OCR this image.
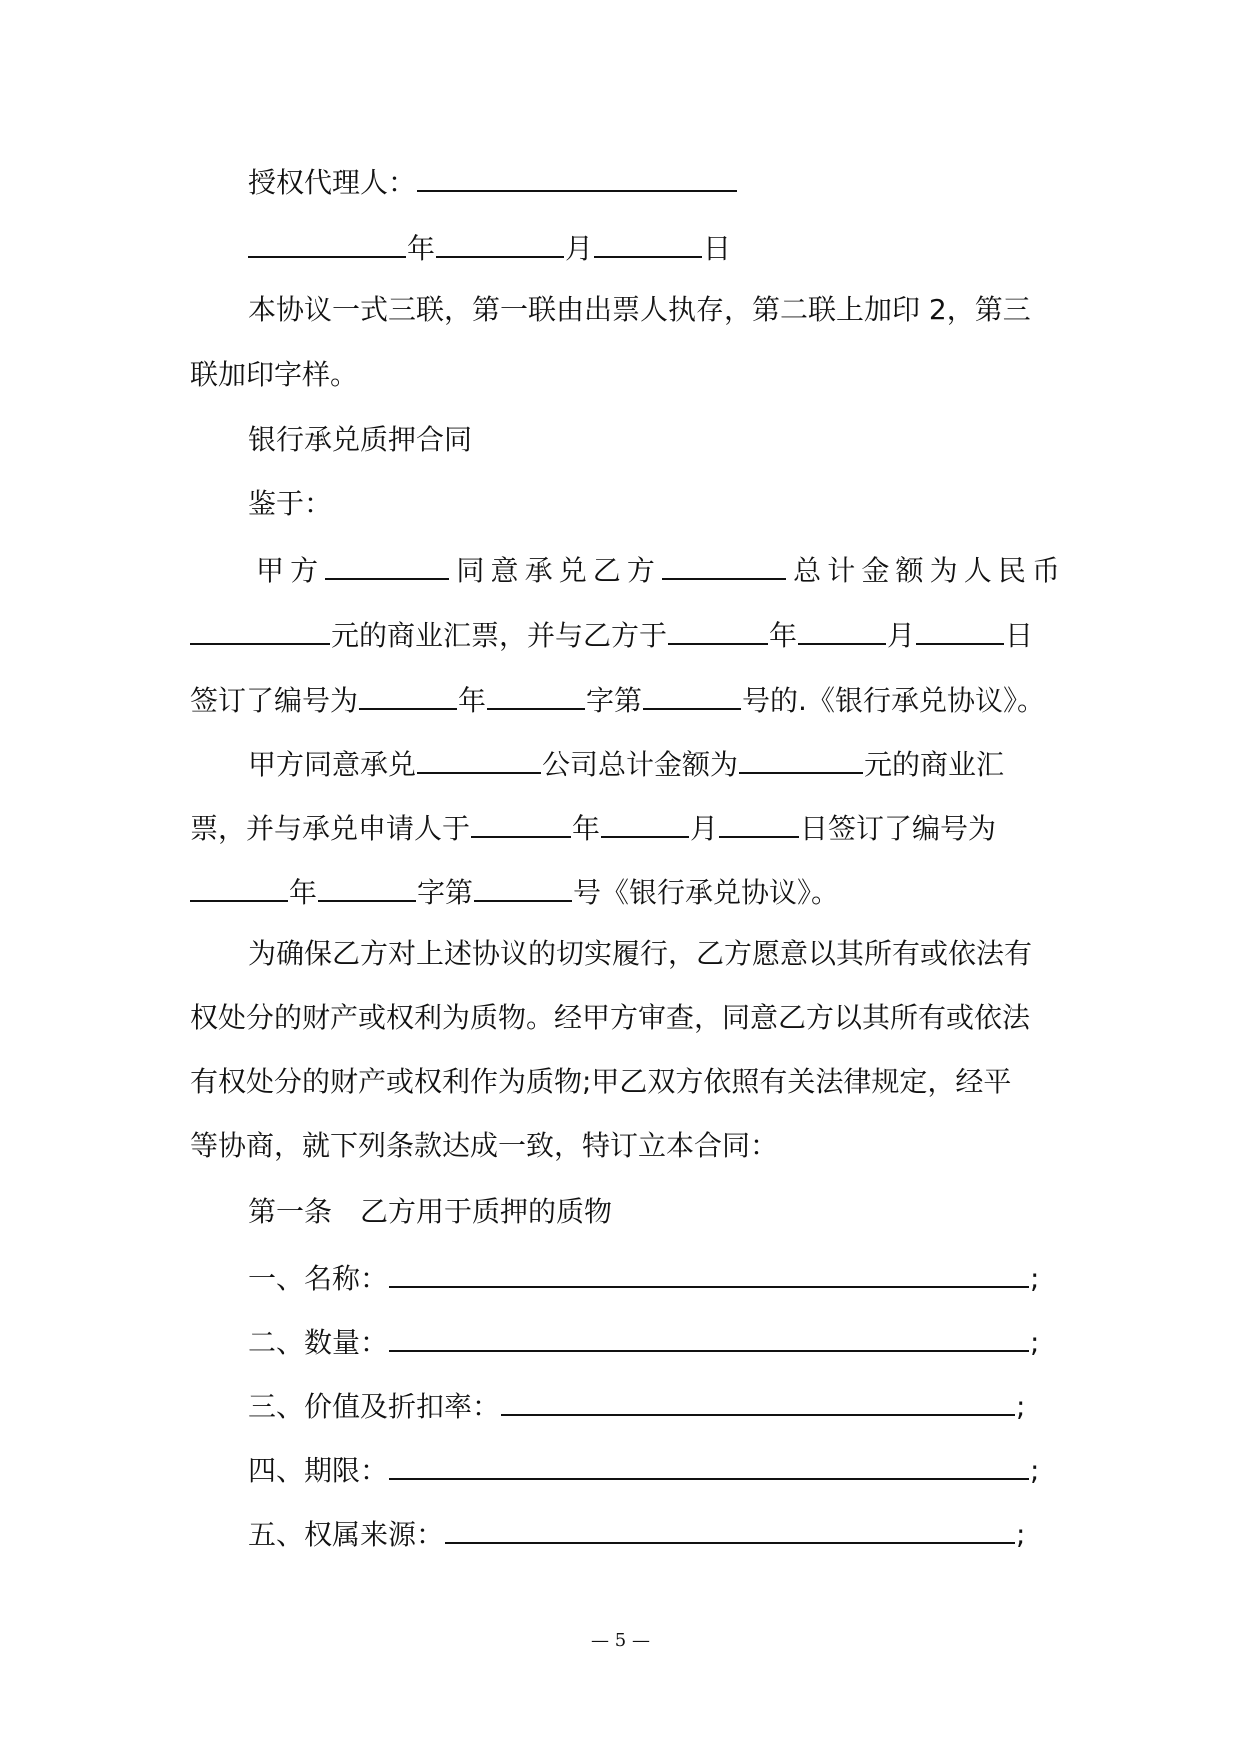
授权代理人：
年	月	日
本协议一式三联，第一联由出票人执存，第二联上加印 2，第三
联加印字样。
银行承兑质押合同
鉴于：
甲方	同意承兑乙方	总计金额为人民币
元的商业汇票，并与乙方于	年	月	日
签订了编号为	年	字第	号的.《银行承兑协议》。
甲方同意承兑	公司总计金额为	元的商业汇
票，并与承兑申请人于	年	月	日签订了编号为
年	字第	号《银行承兑协议》。
为确保乙方对上述协议的切实履行，乙方愿意以其所有或依法有
权处分的财产或权利为质物。经甲方审查，同意乙方以其所有或依法
有权处分的财产或权利作为质物;甲乙双方依照有关法律规定，经平
等协商，就下列条款达成一致，特订立本合同：
第一条　乙方用于质押的质物
一、名称：	;
二、数量：	;
三、价值及折扣率：	;
四、期限：	;
五、权属来源：	;
— 5 —
